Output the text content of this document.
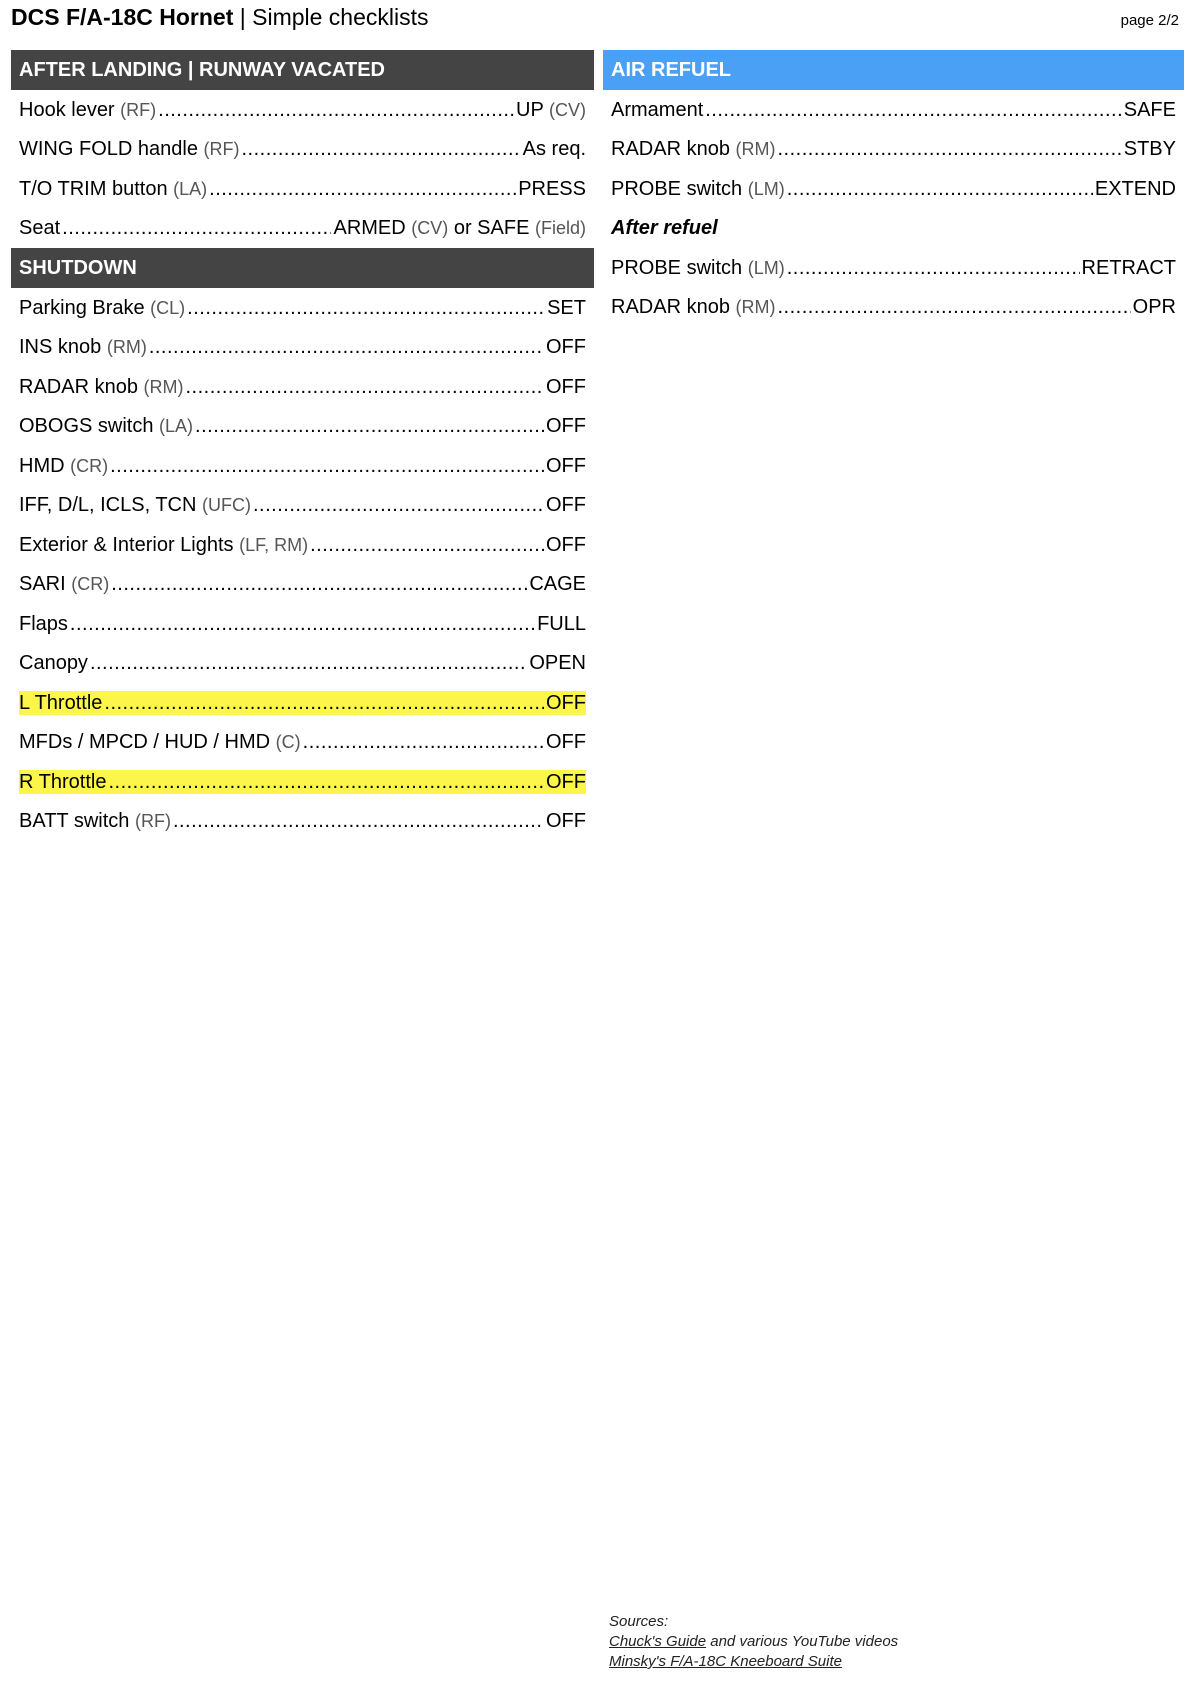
DCS F/A-18C Hornet | Simple checklists	page 2/2
AFTER LANDING | RUNWAY VACATED
Hook lever (RF) .....	UP (CV)
WING FOLD handle (RF) .....	As req.
T/O TRIM button (LA) .....	PRESS
Seat .....	ARMED (CV) or SAFE (Field)
SHUTDOWN
Parking Brake (CL) .....	SET
INS knob (RM) .....	OFF
RADAR knob (RM) .....	OFF
OBOGS switch (LA) .....	OFF
HMD (CR) .....	OFF
IFF, D/L, ICLS, TCN (UFC) .....	OFF
Exterior & Interior Lights (LF, RM) .....	OFF
SARI (CR) .....	CAGE
Flaps .....	FULL
Canopy .....	OPEN
L Throttle .....	OFF
MFDs / MPCD / HUD / HMD (C) .....	OFF
R Throttle .....	OFF
BATT switch (RF) .....	OFF
AIR REFUEL
Armament .....	SAFE
RADAR knob (RM) .....	STBY
PROBE switch (LM) .....	EXTEND
After refuel
PROBE switch (LM) .....	RETRACT
RADAR knob (RM) .....	OPR
Sources:
Chuck's Guide and various YouTube videos
Minsky's F/A-18C Kneeboard Suite
